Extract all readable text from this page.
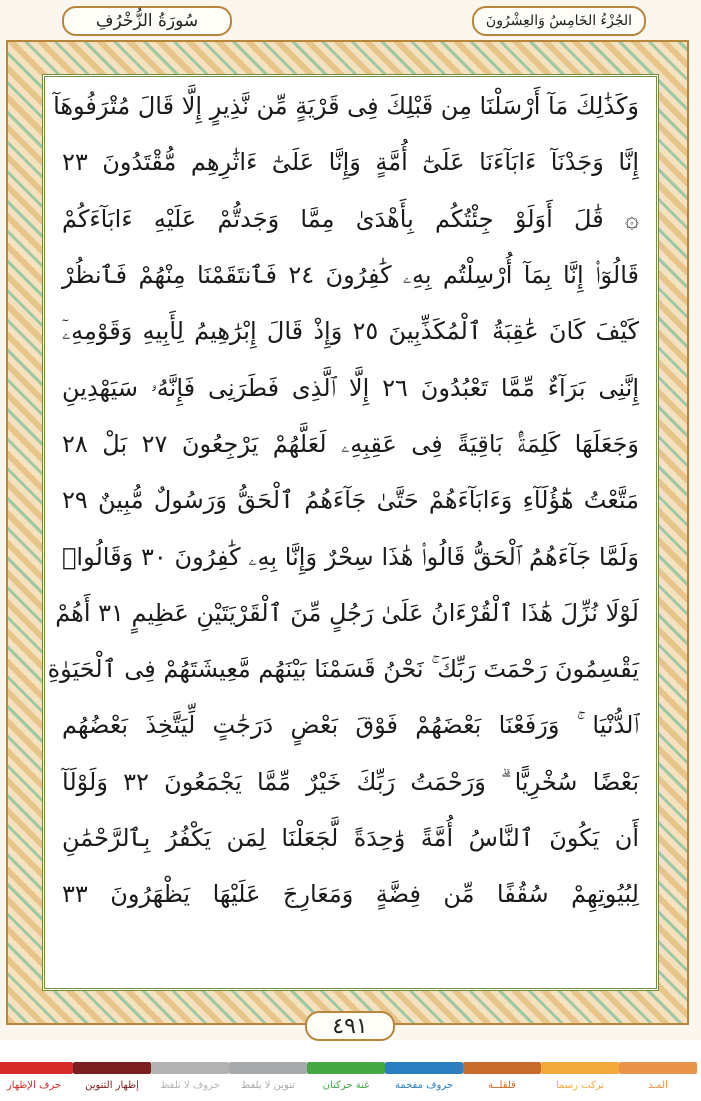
سُورَةُ الزُّخْرُفِ	الجُزْءُ الخَامِسُ وَالعِشْرُونَ
وَكَذَٰلِكَ مَآ أَرْسَلْنَا مِن قَبْلِكَ فِى قَرْيَةٍ مِّن نَّذِيرٍ إِلَّا قَالَ مُتْرَفُوهَآ
إِنَّا وَجَدْنَآ ءَابَآءَنَا عَلَىٰٓ أُمَّةٍ وَإِنَّا عَلَىٰٓ ءَاثَٰرِهِم مُّقْتَدُونَ ٢٣
۞ قَٰلَ أَوَلَوْ جِئْتُكُم بِأَهْدَىٰ مِمَّا وَجَدتُّمْ عَلَيْهِ ءَابَآءَكُمْ
قَالُوٓا۟ إِنَّا بِمَآ أُرْسِلْتُم بِهِۦ كَٰفِرُونَ ٢٤ فَٱنتَقَمْنَا مِنْهُمْ فَٱنظُرْ
كَيْفَ كَانَ عَٰقِبَةُ ٱلْمُكَذِّبِينَ ٢٥ وَإِذْ قَالَ إِبْرَٰهِيمُ لِأَبِيهِ وَقَوْمِهِۦٓ
إِنَّنِى بَرَآءٌ مِّمَّا تَعْبُدُونَ ٢٦ إِلَّا ٱلَّذِى فَطَرَنِى فَإِنَّهُۥ سَيَهْدِينِ
وَجَعَلَهَا كَلِمَةًۢ بَاقِيَةً فِى عَقِبِهِۦ لَعَلَّهُمْ يَرْجِعُونَ ٢٧ بَلْ ٢٨
مَتَّعْتُ هَٰٓؤُلَآءِ وَءَابَآءَهُمْ حَتَّىٰ جَآءَهُمُ ٱلْحَقُّ وَرَسُولٌ مُّبِينٌ ٢٩
وَلَمَّا جَآءَهُمُ ٱلْحَقُّ قَالُوا۟ هَٰذَا سِحْرٌ وَإِنَّا بِهِۦ كَٰفِرُونَ ٣٠ وَقَالُوا۟
لَوْلَا نُزِّلَ هَٰذَا ٱلْقُرْءَانُ عَلَىٰ رَجُلٍ مِّنَ ٱلْقَرْيَتَيْنِ عَظِيمٍ ٣١ أَهُمْ
يَقْسِمُونَ رَحْمَتَ رَبِّكَ ۚ نَحْنُ قَسَمْنَا بَيْنَهُم مَّعِيشَتَهُمْ فِى ٱلْحَيَوٰةِ
ٱلدُّنْيَا ۚ وَرَفَعْنَا بَعْضَهُمْ فَوْقَ بَعْضٍ دَرَجَٰتٍ لِّيَتَّخِذَ بَعْضُهُم
بَعْضًا سُخْرِيًّا ۗ وَرَحْمَتُ رَبِّكَ خَيْرٌ مِّمَّا يَجْمَعُونَ ٣٢ وَلَوْلَآ
أَن يَكُونَ ٱلنَّاسُ أُمَّةً وَٰحِدَةً لَّجَعَلْنَا لِمَن يَكْفُرُ بِٱلرَّحْمَٰنِ
لِبُيُوتِهِمْ سُقُفًا مِّن فِضَّةٍ وَمَعَارِجَ عَلَيْهَا يَظْهَرُونَ ٣٣
٤٩١
المـد
تركت رسما
قلقلــة
حروف مفخمة
غنة حركتان
تنوين لا يلفظ
حروف لا تلفظ
إظهار التنوين
حرف الإظهار
